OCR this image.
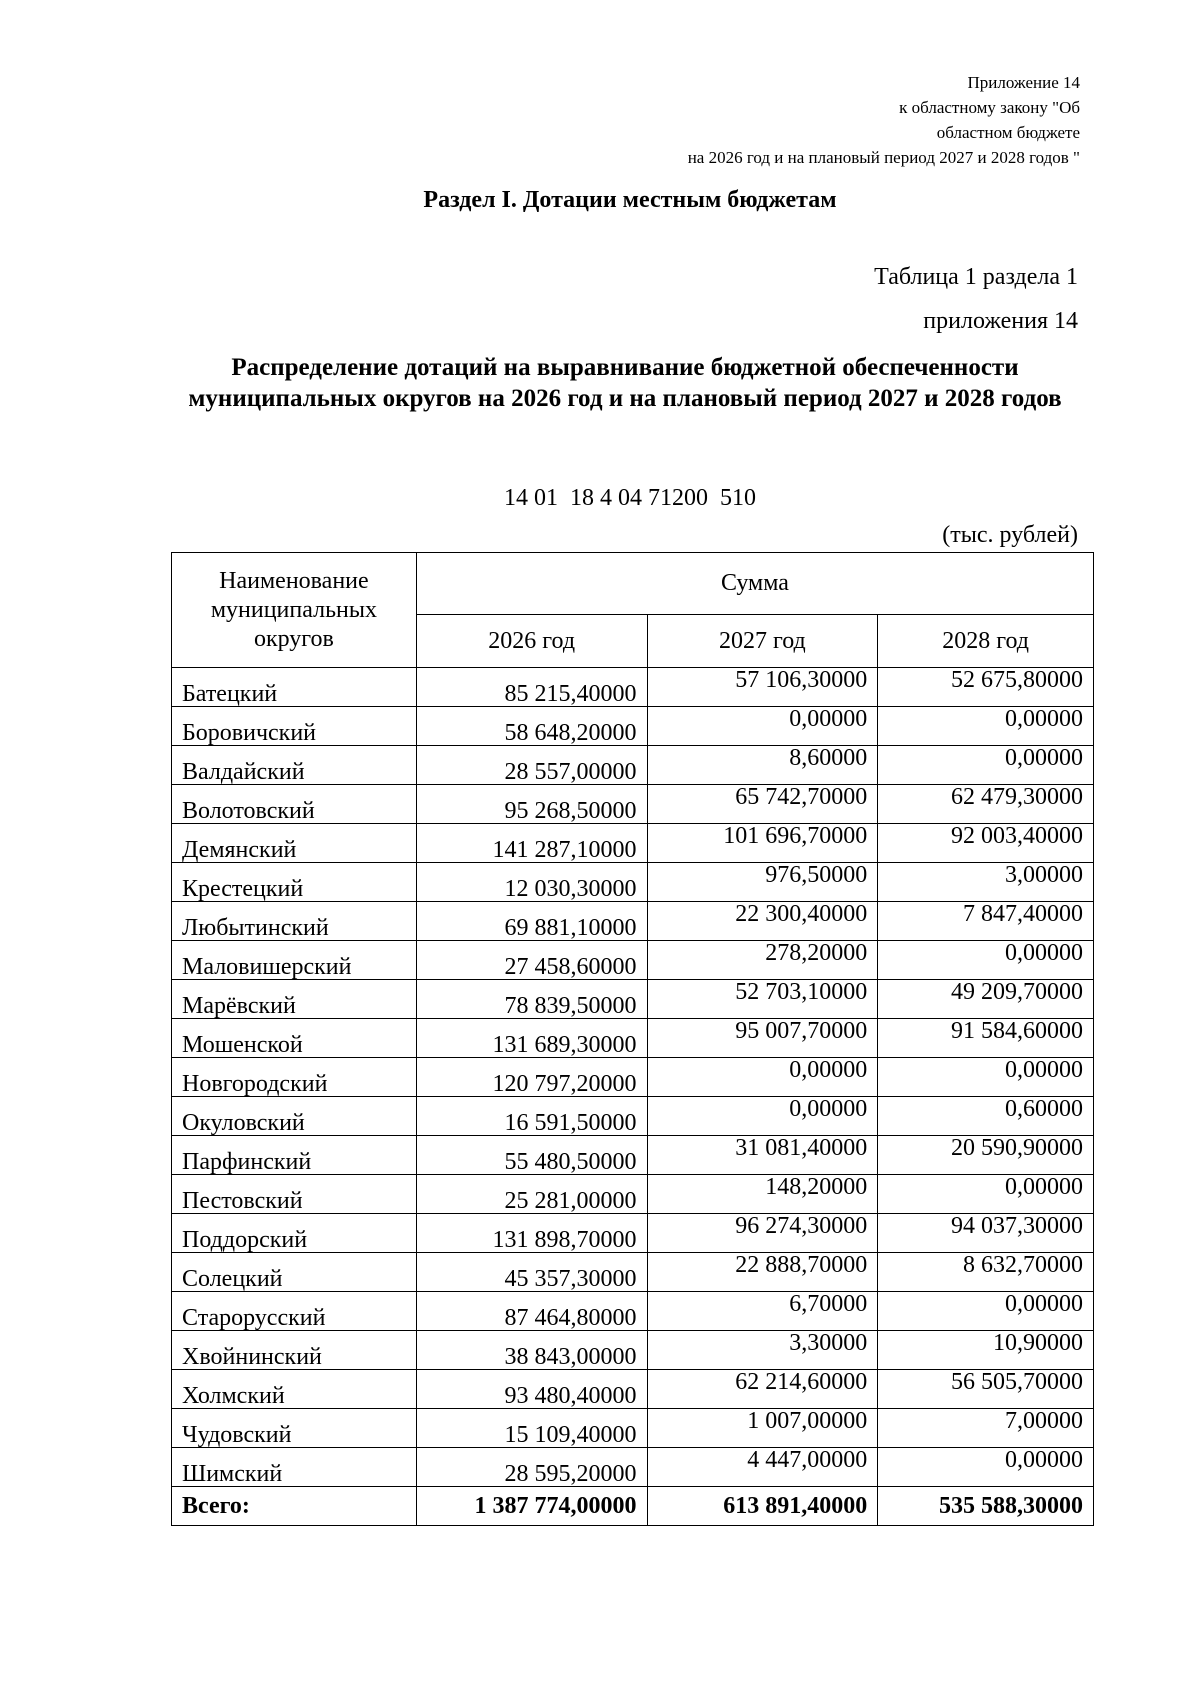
Приложение 14
к областному закону "Об
областном бюджете
на 2026 год и на плановый период 2027 и 2028 годов "
Раздел I. Дотации местным бюджетам
Таблица 1 раздела 1
приложения 14
Распределение дотаций на выравнивание бюджетной обеспеченности муниципальных округов на 2026 год и на плановый период 2027 и 2028 годов
14 01  18 4 04 71200  510
(тыс. рублей)
Наименование муниципальных округов	Сумма		
	2026 год	2027 год	2028 год
Батецкий	85 215,40000	57 106,30000	52 675,80000
Боровичский	58 648,20000	0,00000	0,00000
Валдайский	28 557,00000	8,60000	0,00000
Волотовский	95 268,50000	65 742,70000	62 479,30000
Демянский	141 287,10000	101 696,70000	92 003,40000
Крестецкий	12 030,30000	976,50000	3,00000
Любытинский	69 881,10000	22 300,40000	7 847,40000
Маловишерский	27 458,60000	278,20000	0,00000
Марёвский	78 839,50000	52 703,10000	49 209,70000
Мошенской	131 689,30000	95 007,70000	91 584,60000
Новгородский	120 797,20000	0,00000	0,00000
Окуловский	16 591,50000	0,00000	0,60000
Парфинский	55 480,50000	31 081,40000	20 590,90000
Пестовский	25 281,00000	148,20000	0,00000
Поддорский	131 898,70000	96 274,30000	94 037,30000
Солецкий	45 357,30000	22 888,70000	8 632,70000
Старорусский	87 464,80000	6,70000	0,00000
Хвойнинский	38 843,00000	3,30000	10,90000
Холмский	93 480,40000	62 214,60000	56 505,70000
Чудовский	15 109,40000	1 007,00000	7,00000
Шимский	28 595,20000	4 447,00000	0,00000
Всего:	1 387 774,00000	613 891,40000	535 588,30000
